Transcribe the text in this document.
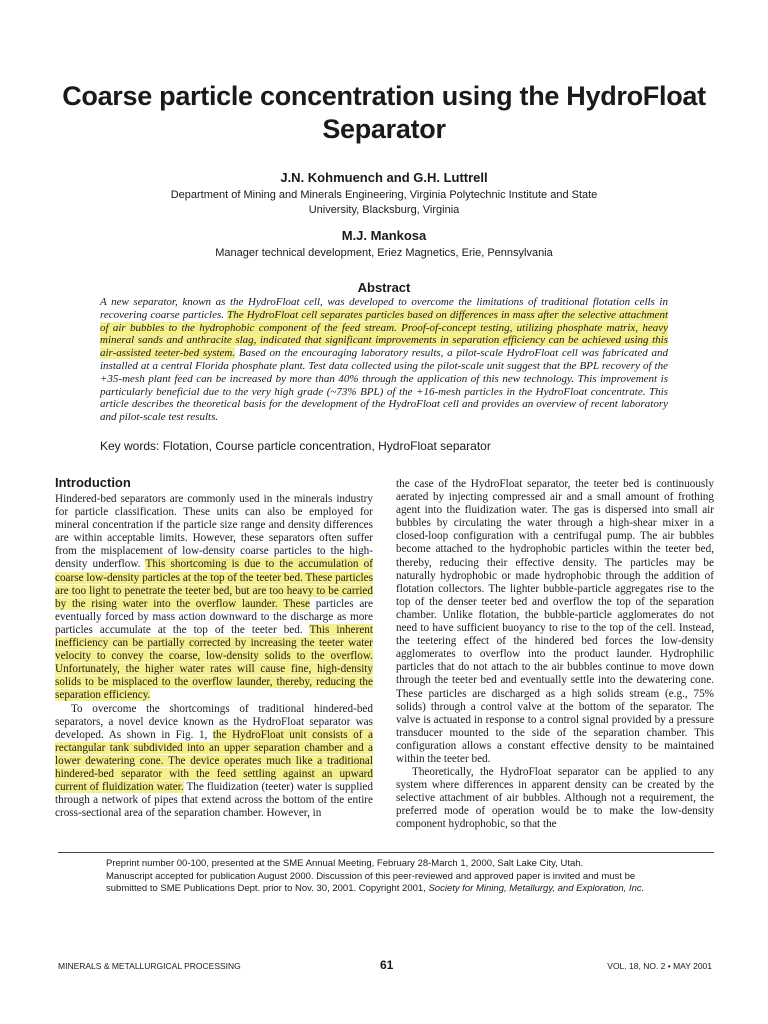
Coarse particle concentration using the HydroFloat Separator

J.N. Kohmuench and G.H. Luttrell

Department of Mining and Minerals Engineering, Virginia Polytechnic Institute and State University, Blacksburg, Virginia

M.J. Mankosa

Manager technical development, Eriez Magnetics, Erie, Pennsylvania

Abstract
A new separator, known as the HydroFloat cell, was developed to overcome the limitations of traditional flotation cells in recovering coarse particles. The HydroFloat cell separates particles based on differences in mass after the selective attachment of air bubbles to the hydrophobic component of the feed stream. Proof-of-concept testing, utilizing phosphate matrix, heavy mineral sands and anthracite slag, indicated that significant improvements in separation efficiency can be achieved using this air-assisted teeter-bed system. Based on the encouraging laboratory results, a pilot-scale HydroFloat cell was fabricated and installed at a central Florida phosphate plant. Test data collected using the pilot-scale unit suggest that the BPL recovery of the +35-mesh plant feed can be increased by more than 40% through the application of this new technology. This improvement is particularly beneficial due to the very high grade (~73% BPL) of the +16-mesh particles in the HydroFloat concentrate. This article describes the theoretical basis for the development of the HydroFloat cell and provides an overview of recent laboratory and pilot-scale test results.
Key words: Flotation, Course particle concentration, HydroFloat separator
Introduction

Hindered-bed separators are commonly used in the minerals industry for particle classification. These units can also be employed for mineral concentration if the particle size range and density differences are within acceptable limits. However, these separators often suffer from the misplacement of low-density coarse particles to the high-density underflow. This shortcoming is due to the accumulation of coarse low-density particles at the top of the teeter bed. These particles are too light to penetrate the teeter bed, but are too heavy to be carried by the rising water into the overflow launder. These particles are eventually forced by mass action downward to the discharge as more particles accumulate at the top of the teeter bed. This inherent inefficiency can be partially corrected by increasing the teeter water velocity to convey the coarse, low-density solids to the overflow. Unfortunately, the higher water rates will cause fine, high-density solids to be misplaced to the overflow launder, thereby, reducing the separation efficiency.

To overcome the shortcomings of traditional hindered-bed separators, a novel device known as the HydroFloat separator was developed. As shown in Fig. 1, the HydroFloat unit consists of a rectangular tank subdivided into an upper separation chamber and a lower dewatering cone. The device operates much like a traditional hindered-bed separator with the feed settling against an upward current of fluidization water. The fluidization (teeter) water is supplied through a network of pipes that extend across the bottom of the entire cross-sectional area of the separation chamber. However, in

the case of the HydroFloat separator, the teeter bed is continuously aerated by injecting compressed air and a small amount of frothing agent into the fluidization water. The gas is dispersed into small air bubbles by circulating the water through a high-shear mixer in a closed-loop configuration with a centrifugal pump. The air bubbles become attached to the hydrophobic particles within the teeter bed, thereby, reducing their effective density. The particles may be naturally hydrophobic or made hydrophobic through the addition of flotation collectors. The lighter bubble-particle aggregates rise to the top of the denser teeter bed and overflow the top of the separation chamber. Unlike flotation, the bubble-particle agglomerates do not need to have sufficient buoyancy to rise to the top of the cell. Instead, the teetering effect of the hindered bed forces the low-density agglomerates to overflow into the product launder. Hydrophilic particles that do not attach to the air bubbles continue to move down through the teeter bed and eventually settle into the dewatering cone. These particles are discharged as a high solids stream (e.g., 75% solids) through a control valve at the bottom of the separator. The valve is actuated in response to a control signal provided by a pressure transducer mounted to the side of the separation chamber. This configuration allows a constant effective density to be maintained within the teeter bed.

Theoretically, the HydroFloat separator can be applied to any system where differences in apparent density can be created by the selective attachment of air bubbles. Although not a requirement, the preferred mode of operation would be to make the low-density component hydrophobic, so that the

Preprint number 00-100, presented at the SME Annual Meeting, February 28-March 1, 2000, Salt Lake City, Utah.

Manuscript accepted for publication August 2000. Discussion of this peer-reviewed and approved paper is invited and must be submitted to SME Publications Dept. prior to Nov. 30, 2001. Copyright 2001, Society for Mining, Metallurgy, and Exploration, Inc.

MINERALS & METALLURGICAL PROCESSING	61	VOL. 18, NO. 2 • MAY 2001
